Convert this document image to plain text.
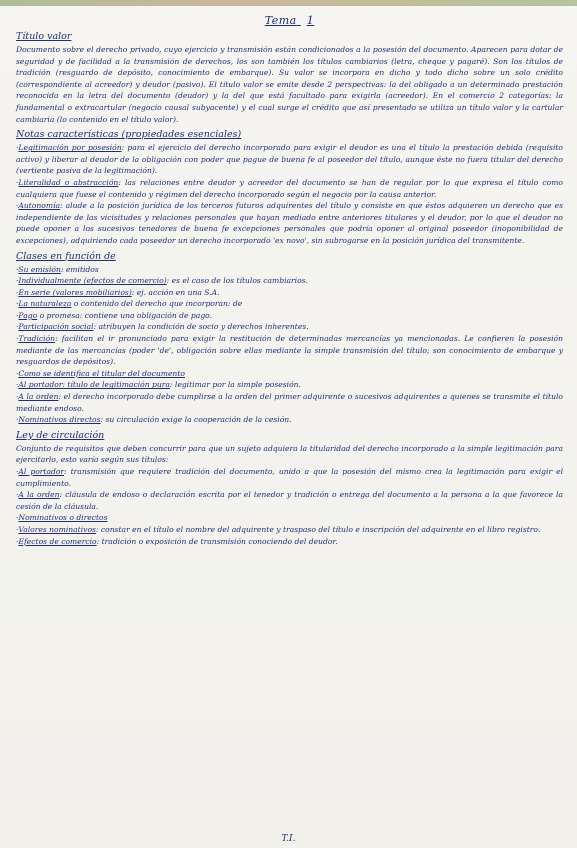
Tema 1
Título valor

Documento sobre el derecho privado, cuyo ejercicio y transmisión están condicionados a la posesión del documento. Aparecen para dotar de seguridad y de facilidad a la transmisión de derechos, los son también los títulos cambiarios (letra, cheque y pagaré). Son los títulos de tradición (resguardo de depósito, conocimiento de embarque). Su valor se incorpora en dicho y todo dicho sobre un solo crédito (correspondiente al acreedor) y deudor (pasivo). El título valor se emite desde 2 perspectivas: la del obligado a un determinado prestación reconocida en la letra del documento (deudor) y la del que está facultado para exigirla (acreedor). En el comercio 2 categorías: la fundamental o extracartular (negocio causal subyacente) y el cual surge el crédito que así presentado se utiliza un título valor y la cartular cambiaria (lo contenido en el título valor).

Notas características (propiedades esenciales)

·Legitimación por posesión: para el ejercicio del derecho incorporado para exigir el deudor es una el título la prestación debida (requisito activo) y liberar al deudor de la obligación con poder que pague de buena fe al poseedor del título, aunque éste no fuera titular del derecho (vertiente pasiva de la legitimación).

·Literalidad o abstracción: las relaciones entre deudor y acreedor del documento se han de regular por lo que expresa el título como cualquiera que fuese el contenido y régimen del derecho incorporado según el negocio por la causa anterior.

·Autonomía: alude a la posición jurídica de los terceros futuros adquirentes del título y consiste en que éstos adquieren un derecho que es independiente de las vicisitudes y relaciones personales que hayan mediado entre anteriores titulares y el deudor, por lo que el deudor no puede oponer a los sucesivos tenedores de buena fe excepciones personales que podría oponer al original poseedor (inoponibilidad de excepciones), adquiriendo cada poseedor un derecho incorporado 'ex novo', sin subrogarse en la posición jurídica del transmitente.

Clases en función de

·Su emisión: emitidos

·Individualmente (efectos de comercio): es el caso de los títulos cambiarios.

·En serie (valores mobiliarios): ej. acción en una S.A.

·La naturaleza o contenido del derecho que incorporan: de

·Pago o promesa: contiene una obligación de pago.

·Participación social: atribuyen la condición de socio y derechos inherentes.

·Tradición: facilitan el ir pronunciado para exigir la restitución de determinadas mercancías ya mencionadas. Le confieren la posesión mediante de las mercancías (poder 'de', obligación sobre ellas mediante la simple transmisión del título; son conocimiento de embarque y resguardos de depósitos).

·Como se identifica el titular del documento

·Al portador: título de legitimación pura: legitimar por la simple posesión.

·A la orden: el derecho incorporado debe cumplirse a la orden del primer adquirente o sucesivos adquirentes a quienes se transmite el título mediante endoso.

·Nominativos directos: su circulación exige la cooperación de la cesión.

Ley de circulación

Conjunto de requisitos que deben concurrir para que un sujeto adquiera la titularidad del derecho incorporado a la simple legitimación para ejercitarlo, esto varía según sus títulos:

·Al portador: transmisión que requiere tradición del documento, unido a que la posesión del mismo crea la legitimación para exigir el cumplimiento.

·A la orden: cláusula de endoso o declaración escrita por el tenedor y tradición o entrega del documento a la persona a la que favorece la cesión de la cláusula.

·Nominativos o directos

·Valores nominativos: constar en el título el nombre del adquirente y traspaso del título e inscripción del adquirente en el libro registro.

·Efectos de comercio: tradición o exposición de transmisión conociendo del deudor.

T.I.
